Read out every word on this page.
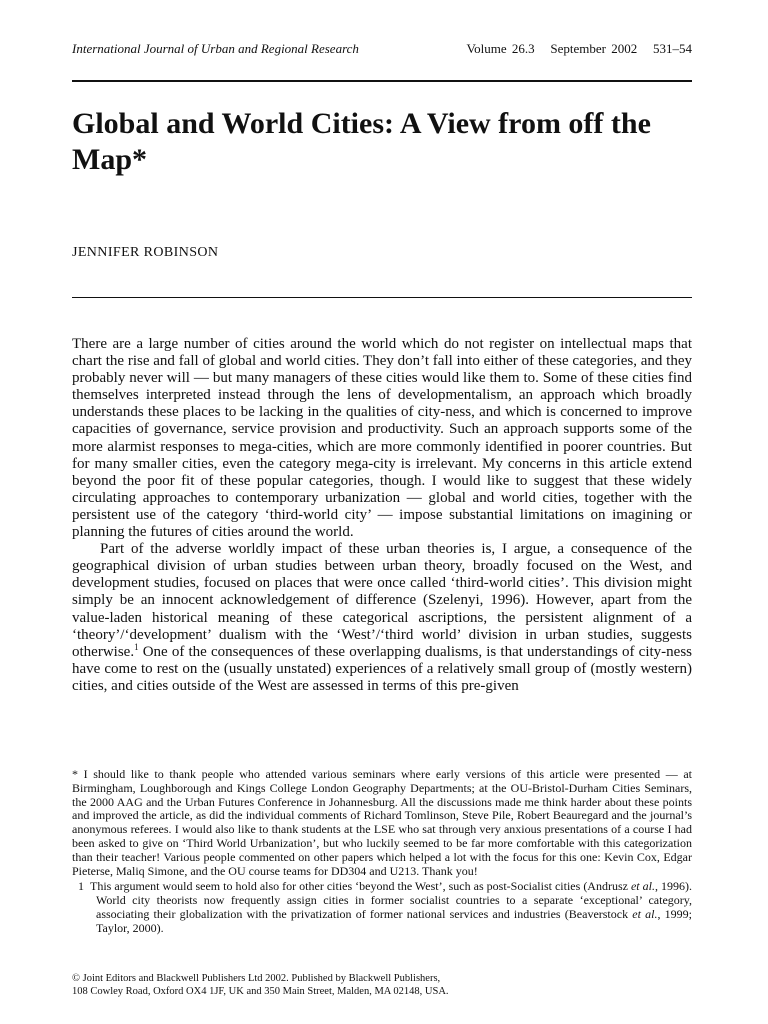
International Journal of Urban and Regional Research	Volume 26.3 September 2002 531–54
Global and World Cities: A View from off the Map*

JENNIFER ROBINSON

There are a large number of cities around the world which do not register on intellectual maps that chart the rise and fall of global and world cities. They don’t fall into either of these categories, and they probably never will — but many managers of these cities would like them to. Some of these cities find themselves interpreted instead through the lens of developmentalism, an approach which broadly understands these places to be lacking in the qualities of city-ness, and which is concerned to improve capacities of governance, service provision and productivity. Such an approach supports some of the more alarmist responses to mega-cities, which are more commonly identified in poorer countries. But for many smaller cities, even the category mega-city is irrelevant. My concerns in this article extend beyond the poor fit of these popular categories, though. I would like to suggest that these widely circulating approaches to contemporary urbanization — global and world cities, together with the persistent use of the category ‘third-world city’ — impose substantial limitations on imagining or planning the futures of cities around the world.

Part of the adverse worldly impact of these urban theories is, I argue, a consequence of the geographical division of urban studies between urban theory, broadly focused on the West, and development studies, focused on places that were once called ‘third-world cities’. This division might simply be an innocent acknowledgement of difference (Szelenyi, 1996). However, apart from the value-laden historical meaning of these categorical ascriptions, the persistent alignment of a ‘theory’/‘development’ dualism with the ‘West’/‘third world’ division in urban studies, suggests otherwise.$^1$ One of the consequences of these overlapping dualisms, is that understandings of city-ness have come to rest on the (usually unstated) experiences of a relatively small group of (mostly western) cities, and cities outside of the West are assessed in terms of this pre-given

* I should like to thank people who attended various seminars where early versions of this article were presented — at Birmingham, Loughborough and Kings College London Geography Departments; at the OU-Bristol-Durham Cities Seminars, the 2000 AAG and the Urban Futures Conference in Johannesburg. All the discussions made me think harder about these points and improved the article, as did the individual comments of Richard Tomlinson, Steve Pile, Robert Beauregard and the journal’s anonymous referees. I would also like to thank students at the LSE who sat through very anxious presentations of a course I had been asked to give on ‘Third World Urbanization’, but who luckily seemed to be far more comfortable with this categorization than their teacher! Various people commented on other papers which helped a lot with the focus for this one: Kevin Cox, Edgar Pieterse, Maliq Simone, and the OU course teams for DD304 and U213. Thank you!

1 This argument would seem to hold also for other cities ‘beyond the West’, such as post-Socialist cities (Andrusz et al., 1996). World city theorists now frequently assign cities in former socialist countries to a separate ‘exceptional’ category, associating their globalization with the privatization of former national services and industries (Beaverstock et al., 1999; Taylor, 2000).

© Joint Editors and Blackwell Publishers Ltd 2002. Published by Blackwell Publishers,

108 Cowley Road, Oxford OX4 1JF, UK and 350 Main Street, Malden, MA 02148, USA.
